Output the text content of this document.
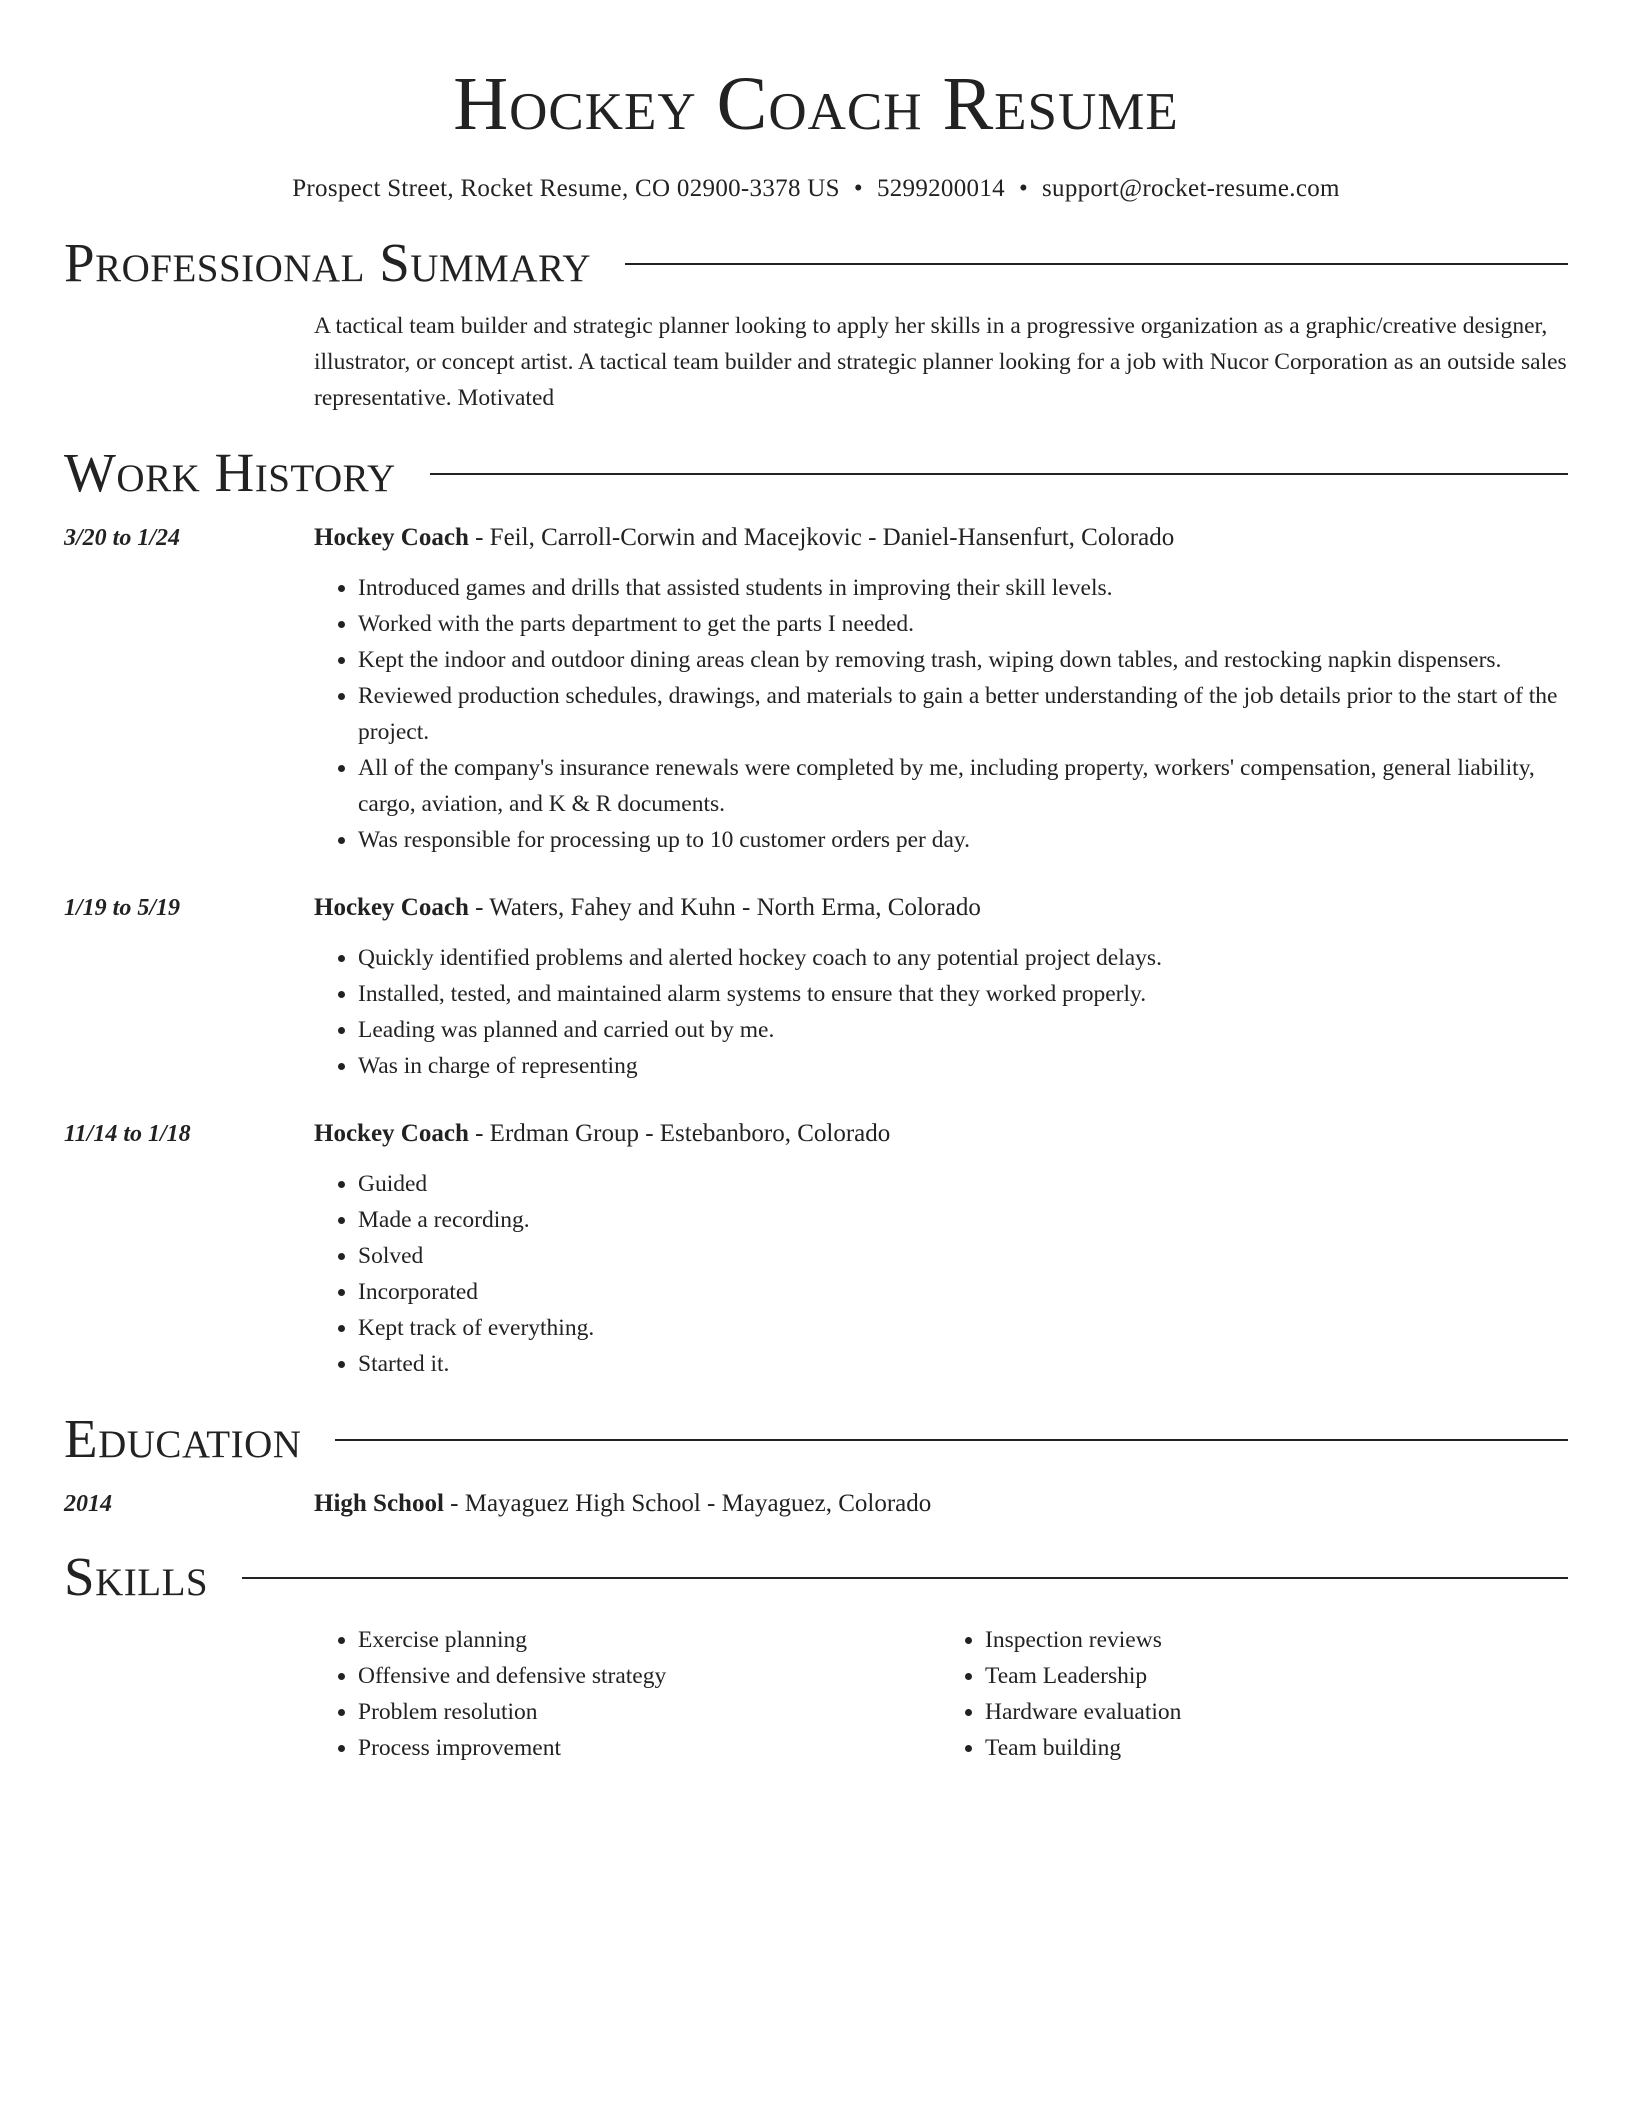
Hockey Coach Resume
Prospect Street, Rocket Resume, CO 02900-3378 US • 5299200014 • support@rocket-resume.com
Professional Summary
A tactical team builder and strategic planner looking to apply her skills in a progressive organization as a graphic/creative designer, illustrator, or concept artist. A tactical team builder and strategic planner looking for a job with Nucor Corporation as an outside sales representative. Motivated
Work History
3/20 to 1/24	Hockey Coach - Feil, Carroll-Corwin and Macejkovic - Daniel-Hansenfurt, Colorado
• Introduced games and drills that assisted students in improving their skill levels.
• Worked with the parts department to get the parts I needed.
• Kept the indoor and outdoor dining areas clean by removing trash, wiping down tables, and restocking napkin dispensers.
• Reviewed production schedules, drawings, and materials to gain a better understanding of the job details prior to the start of the project.
• All of the company's insurance renewals were completed by me, including property, workers' compensation, general liability, cargo, aviation, and K & R documents.
• Was responsible for processing up to 10 customer orders per day.
1/19 to 5/19	Hockey Coach - Waters, Fahey and Kuhn - North Erma, Colorado
• Quickly identified problems and alerted hockey coach to any potential project delays.
• Installed, tested, and maintained alarm systems to ensure that they worked properly.
• Leading was planned and carried out by me.
• Was in charge of representing
11/14 to 1/18	Hockey Coach - Erdman Group - Estebanboro, Colorado
• Guided
• Made a recording.
• Solved
• Incorporated
• Kept track of everything.
• Started it.
Education
2014	High School - Mayaguez High School - Mayaguez, Colorado
Skills
• Exercise planning
• Offensive and defensive strategy
• Problem resolution
• Process improvement
• Inspection reviews
• Team Leadership
• Hardware evaluation
• Team building
